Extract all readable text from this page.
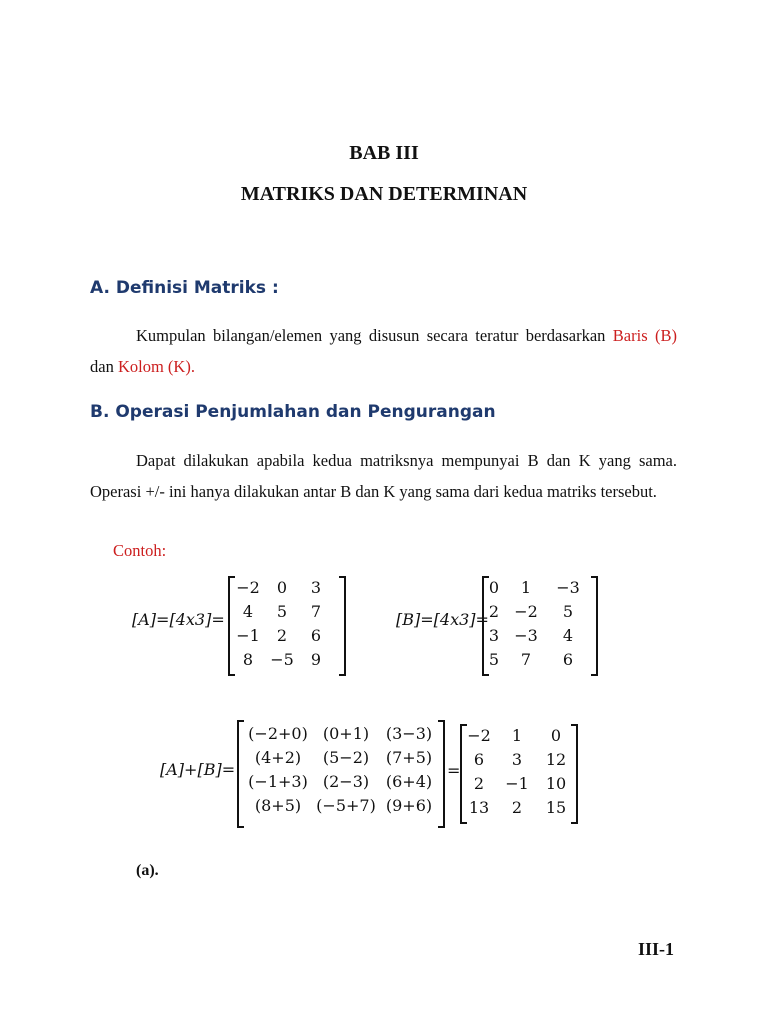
BAB III
MATRIKS DAN DETERMINAN
A. Definisi Matriks :
Kumpulan bilangan/elemen yang disusun secara teratur berdasarkan Baris (B) dan Kolom (K).
B. Operasi Penjumlahan dan Pengurangan
Dapat dilakukan apabila kedua matriksnya mempunyai B dan K yang sama. Operasi +/- ini hanya dilakukan antar B dan K yang sama dari kedua matriks tersebut.
Contoh:
[A]=[4x3]=
−2	0	3
4	5	7
−1	2	6
8	−5	9
[B]=[4x3]=
0	1	−3
2 −2	5
3 −3	4
5	7	6
[A]+[B]=
(−2+0) (0+1)	(3−3)
(4+2)	(5−2)	(7+5)
(−1+3) (2−3)	(6+4)
(8+5) (−5+7) (9+6)
=
−2	1	0
6	3	12
2	−1	10
13	2	15
(a).
III-1
